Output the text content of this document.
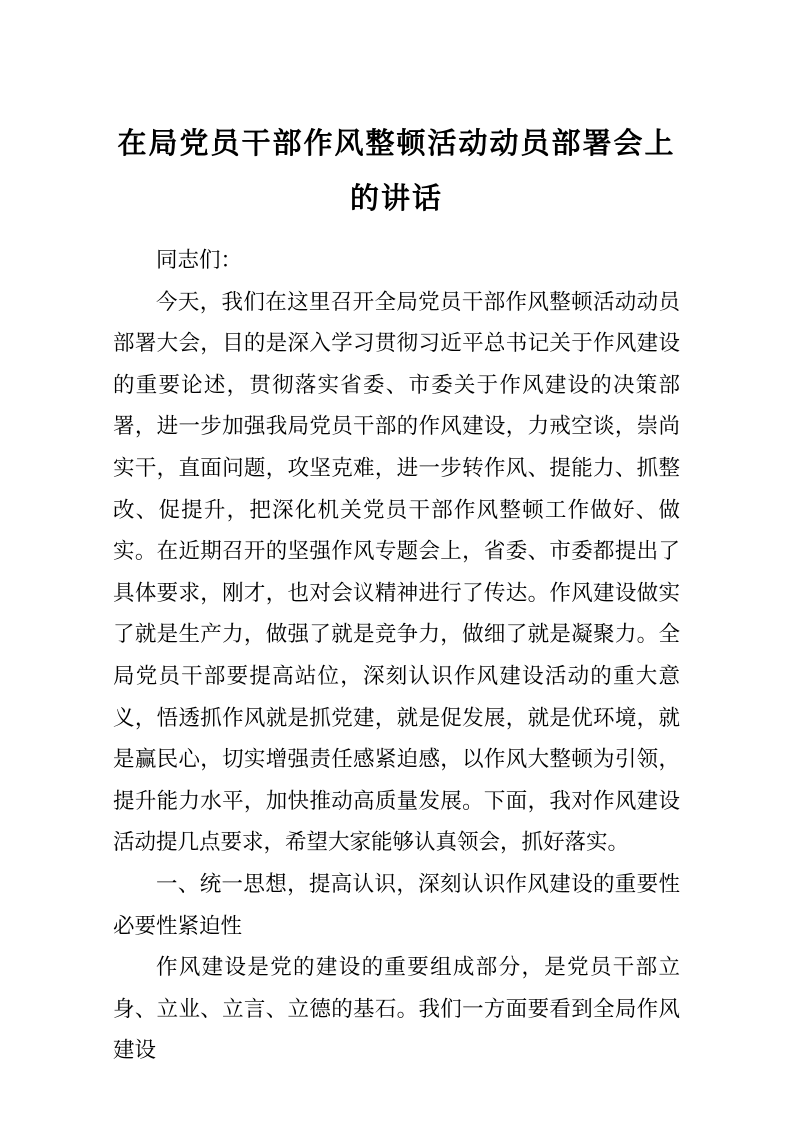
在局党员干部作风整顿活动动员部署会上
的讲话

同志们：

今天，我们在这里召开全局党员干部作风整顿活动动员部署大会，目的是深入学习贯彻习近平总书记关于作风建设的重要论述，贯彻落实省委、市委关于作风建设的决策部署，进一步加强我局党员干部的作风建设，力戒空谈，崇尚实干，直面问题，攻坚克难，进一步转作风、提能力、抓整改、促提升，把深化机关党员干部作风整顿工作做好、做实。在近期召开的坚强作风专题会上，省委、市委都提出了具体要求，刚才，也对会议精神进行了传达。作风建设做实了就是生产力，做强了就是竞争力，做细了就是凝聚力。全局党员干部要提高站位，深刻认识作风建设活动的重大意义，悟透抓作风就是抓党建，就是促发展，就是优环境，就是赢民心，切实增强责任感紧迫感，以作风大整顿为引领，提升能力水平，加快推动高质量发展。下面，我对作风建设活动提几点要求，希望大家能够认真领会，抓好落实。

一、统一思想，提高认识，深刻认识作风建设的重要性必要性紧迫性

作风建设是党的建设的重要组成部分，是党员干部立身、立业、立言、立德的基石。我们一方面要看到全局作风建设
